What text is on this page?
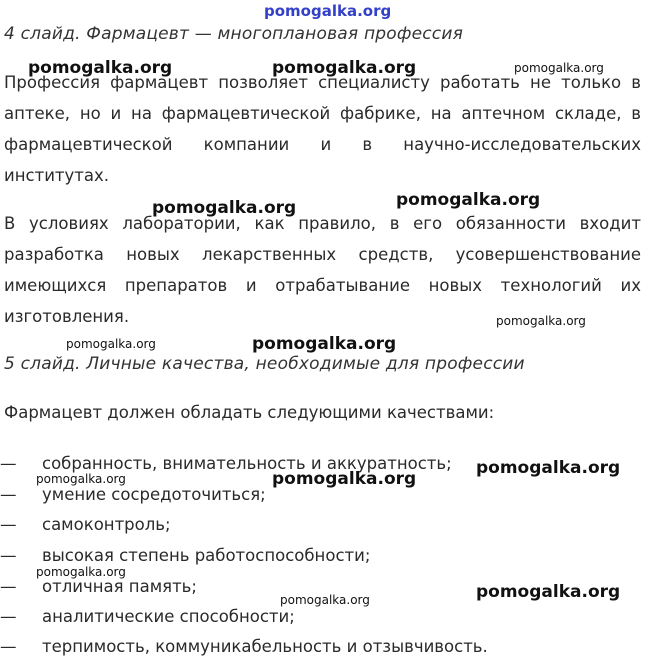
pomogalka.org
4 слайд. Фармацевт — многоплановая профессия
Профессия фармацевт позволяет специалисту работать не только в
аптеке, но и на фармацевтической фабрике, на аптечном складе, в
фармацевтической компании и в научно-исследовательских
институтах.
В условиях лаборатории, как правило, в его обязанности входит
разработка новых лекарственных средств, усовершенствование
имеющихся препаратов и отрабатывание новых технологий их
изготовления.
5 слайд. Личные качества, необходимые для профессии
Фармацевт должен обладать следующими качествами:
— собранность, внимательность и аккуратность;
— умение сосредоточиться;
— самоконтроль;
— высокая степень работоспособности;
— отличная память;
— аналитические способности;
— терпимость, коммуникабельность и отзывчивость.
pomogalka.org	pomogalka.org	pomogalka.org
pomogalka.org
pomogalka.org
pomogalka.org
pomogalka.org	pomogalka.org
pomogalka.org
pomogalka.org	pomogalka.org
pomogalka.org
pomogalka.org
pomogalka.org
